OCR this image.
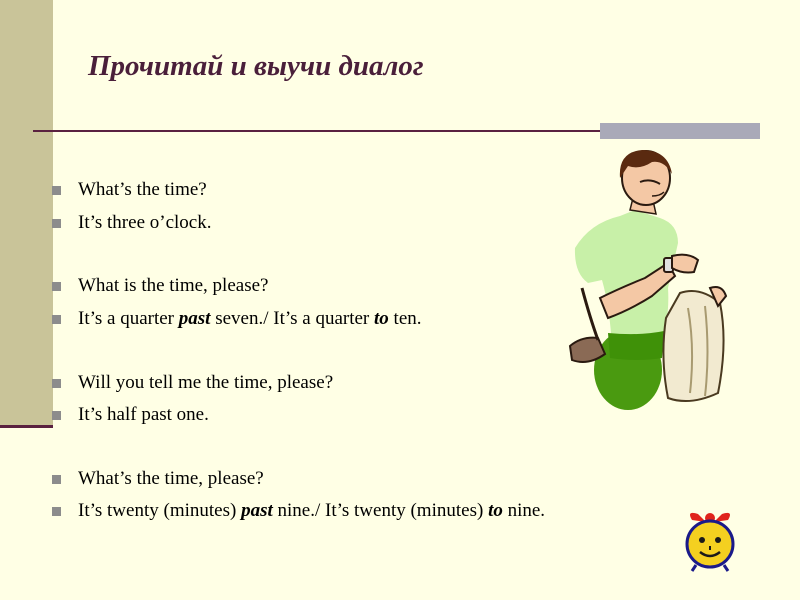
Прочитай и выучи диалог
What’s the time?
It’s three o’clock.
What is the time, please?
It’s a quarter past seven./ It’s a quarter to ten.
Will you tell me the time, please?
It’s half past one.
What’s the time, please?
It’s twenty (minutes) past nine./ It’s twenty (minutes) to nine.
